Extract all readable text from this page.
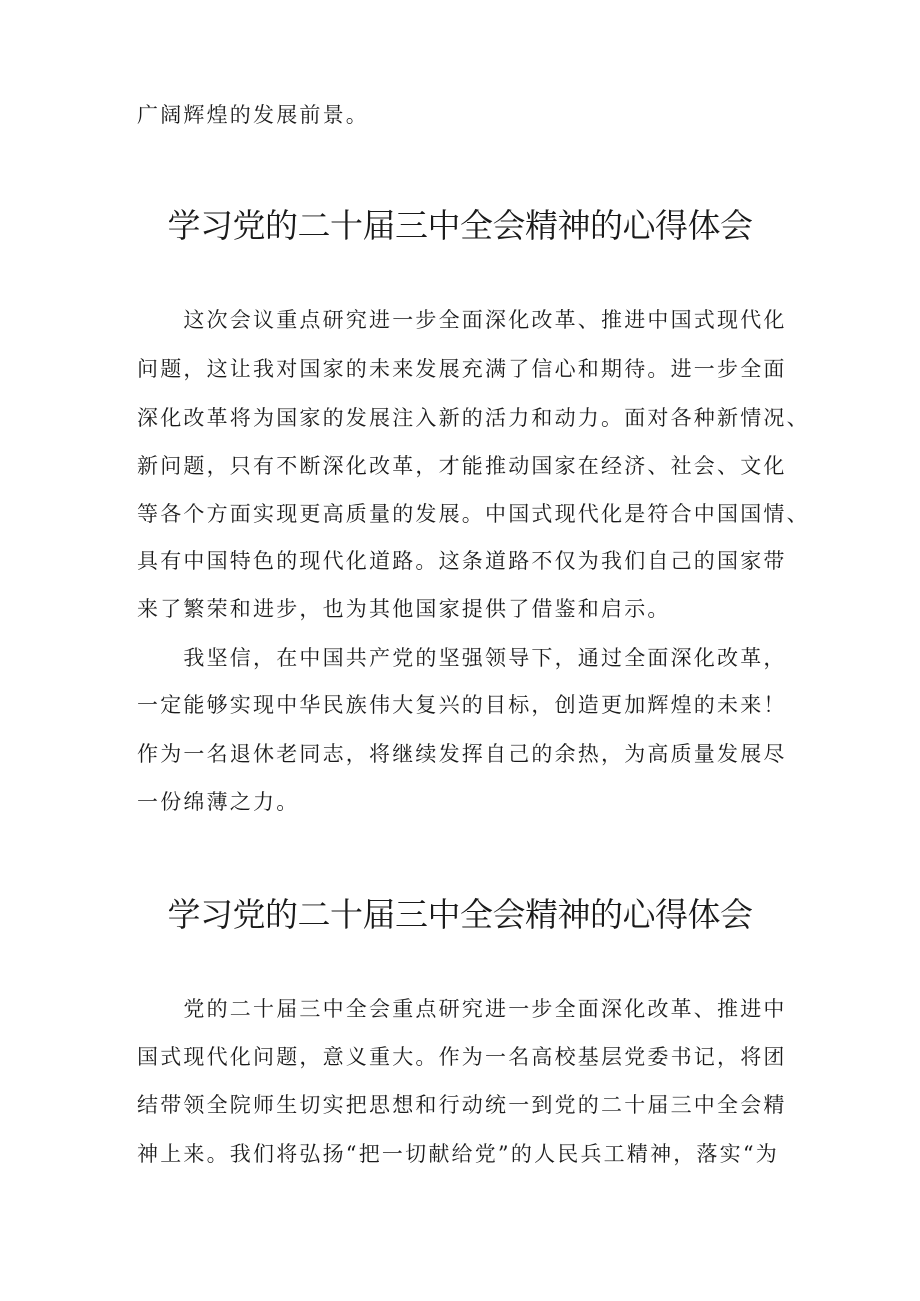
广阔辉煌的发展前景。
学习党的二十届三中全会精神的心得体会
　　这次会议重点研究进一步全面深化改革、推进中国式现代化
问题，这让我对国家的未来发展充满了信心和期待。进一步全面
深化改革将为国家的发展注入新的活力和动力。面对各种新情况、
新问题，只有不断深化改革，才能推动国家在经济、社会、文化
等各个方面实现更高质量的发展。中国式现代化是符合中国国情、
具有中国特色的现代化道路。这条道路不仅为我们自己的国家带
来了繁荣和进步，也为其他国家提供了借鉴和启示。
　　我坚信，在中国共产党的坚强领导下，通过全面深化改革，
一定能够实现中华民族伟大复兴的目标，创造更加辉煌的未来！
作为一名退休老同志，将继续发挥自己的余热，为高质量发展尽
一份绵薄之力。
学习党的二十届三中全会精神的心得体会
　　党的二十届三中全会重点研究进一步全面深化改革、推进中
国式现代化问题，意义重大。作为一名高校基层党委书记，将团
结带领全院师生切实把思想和行动统一到党的二十届三中全会精
神上来。我们将弘扬“把一切献给党”的人民兵工精神，落实“为
